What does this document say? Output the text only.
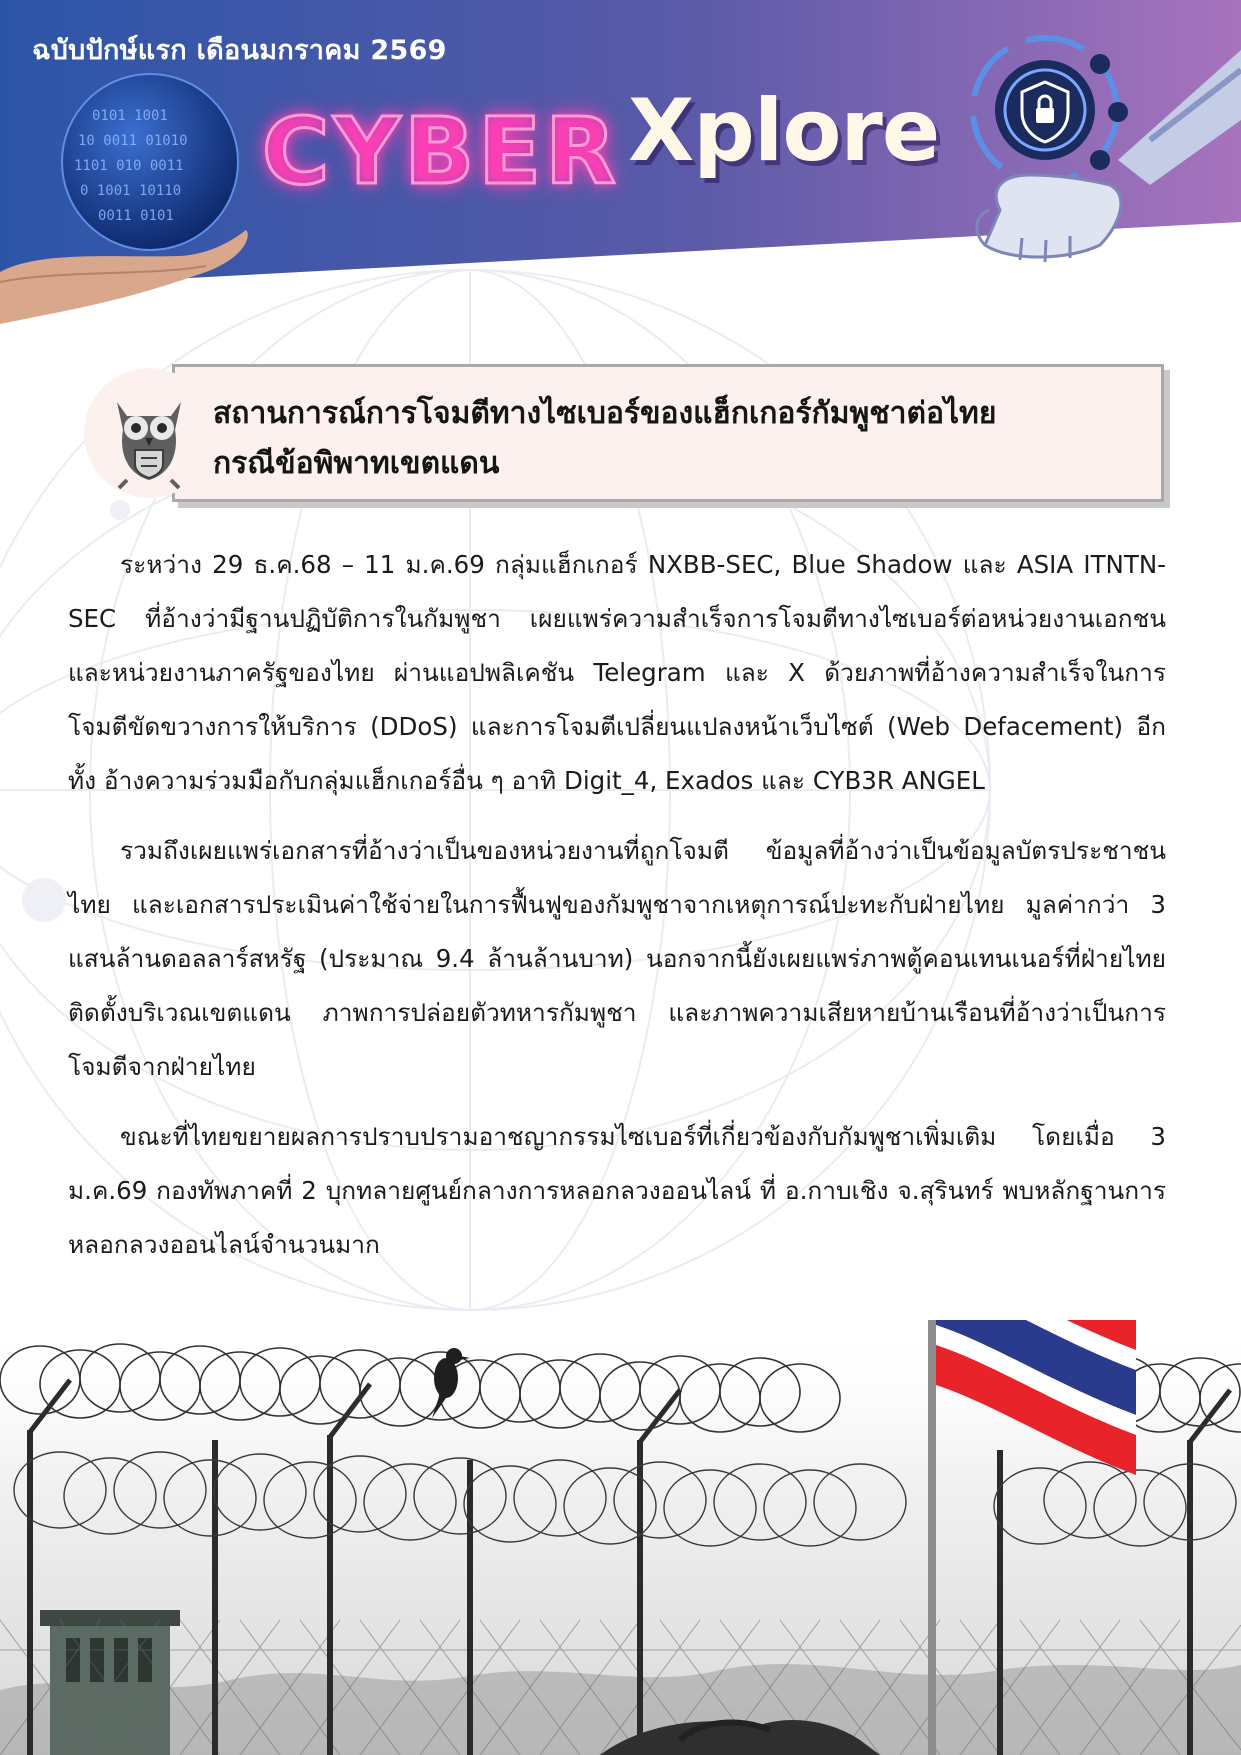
0101 1001
10 0011 01010
1101 010 0011
0 1001 10110
0011 0101
ฉบับปักษ์แรก เดือนมกราคม 2569
CYBER Xplore
สถานการณ์การโจมตีทางไซเบอร์ของแฮ็กเกอร์กัมพูชาต่อไทย
กรณีข้อพิพาทเขตแดน

ระหว่าง 29 ธ.ค.68 – 11 ม.ค.69 กลุ่มแฮ็กเกอร์ NXBB-SEC, Blue Shadow และ ASIA ITNTN-SEC ที่อ้างว่ามีฐานปฏิบัติการในกัมพูชา เผยแพร่ความสำเร็จการโจมตีทางไซเบอร์ต่อหน่วยงานเอกชน และหน่วยงานภาครัฐของไทย ผ่านแอปพลิเคชัน Telegram และ X ด้วยภาพที่อ้างความสำเร็จในการโจมตีขัดขวางการให้บริการ (DDoS) และการโจมตีเปลี่ยนแปลงหน้าเว็บไซต์ (Web Defacement) อีกทั้ง อ้างความร่วมมือกับกลุ่มแฮ็กเกอร์อื่น ๆ อาทิ Digit_4, Exados และ CYB3R ANGEL

รวมถึงเผยแพร่เอกสารที่อ้างว่าเป็นของหน่วยงานที่ถูกโจมตี ข้อมูลที่อ้างว่าเป็นข้อมูลบัตรประชาชนไทย และเอกสารประเมินค่าใช้จ่ายในการฟื้นฟูของกัมพูชาจากเหตุการณ์ปะทะกับฝ่ายไทย มูลค่ากว่า 3 แสนล้านดอลลาร์สหรัฐ (ประมาณ 9.4 ล้านล้านบาท) นอกจากนี้ยังเผยแพร่ภาพตู้คอนเทนเนอร์ที่ฝ่ายไทยติดตั้งบริเวณเขตแดน ภาพการปล่อยตัวทหารกัมพูชา และภาพความเสียหายบ้านเรือนที่อ้างว่าเป็นการโจมตีจากฝ่ายไทย

ขณะที่ไทยขยายผลการปราบปรามอาชญากรรมไซเบอร์ที่เกี่ยวข้องกับกัมพูชาเพิ่มเติม โดยเมื่อ 3 ม.ค.69 กองทัพภาคที่ 2 บุกทลายศูนย์กลางการหลอกลวงออนไลน์ ที่ อ.กาบเชิง จ.สุรินทร์ พบหลักฐานการหลอกลวงออนไลน์จำนวนมาก
